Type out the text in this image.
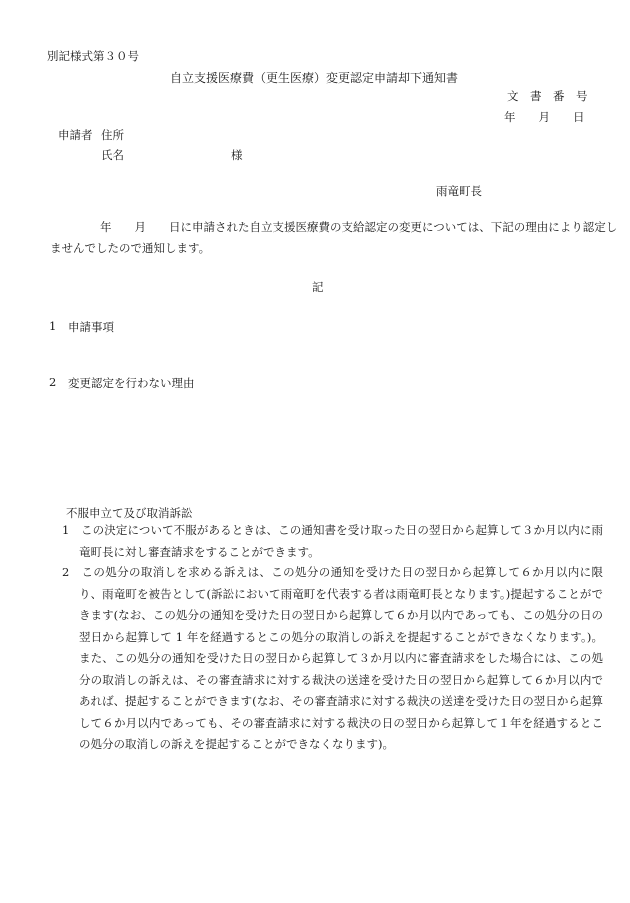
別記様式第３０号
自立支援医療費（更生医療）変更認定申請却下通知書
文　書　番　号
年　　月　　日
申請者 住所
氏名	様
雨竜町長
年　　月　　日に申請された自立支援医療費の支給認定の変更については、下記の理由により認定し
ませんでしたので通知します。
記
1 申請事項
2 変更認定を行わない理由
不服申立て及び取消訴訟
1　 この決定について不服があるときは、この通知書を受け取った日の翌日から起算して３か月以内に雨竜町長に対し審査請求をすることができます。
2　 この処分の取消しを求める訴えは、この処分の通知を受けた日の翌日から起算して６か月以内に限り、雨竜町を被告として(訴訟において雨竜町を代表する者は雨竜町長となります。)提起することができます(なお、この処分の通知を受けた日の翌日から起算して６か月以内であっても、この処分の日の翌日から起算して 1 年を経過するとこの処分の取消しの訴えを提起することができなくなります。)。また、この処分の通知を受けた日の翌日から起算して３か月以内に審査請求をした場合には、この処分の取消しの訴えは、その審査請求に対する裁決の送達を受けた日の翌日から起算して６か月以内であれば、提起することができます(なお、その審査請求に対する裁決の送達を受けた日の翌日から起算して６か月以内であっても、その審査請求に対する裁決の日の翌日から起算して１年を経過するとこの処分の取消しの訴えを提起することができなくなります)。
